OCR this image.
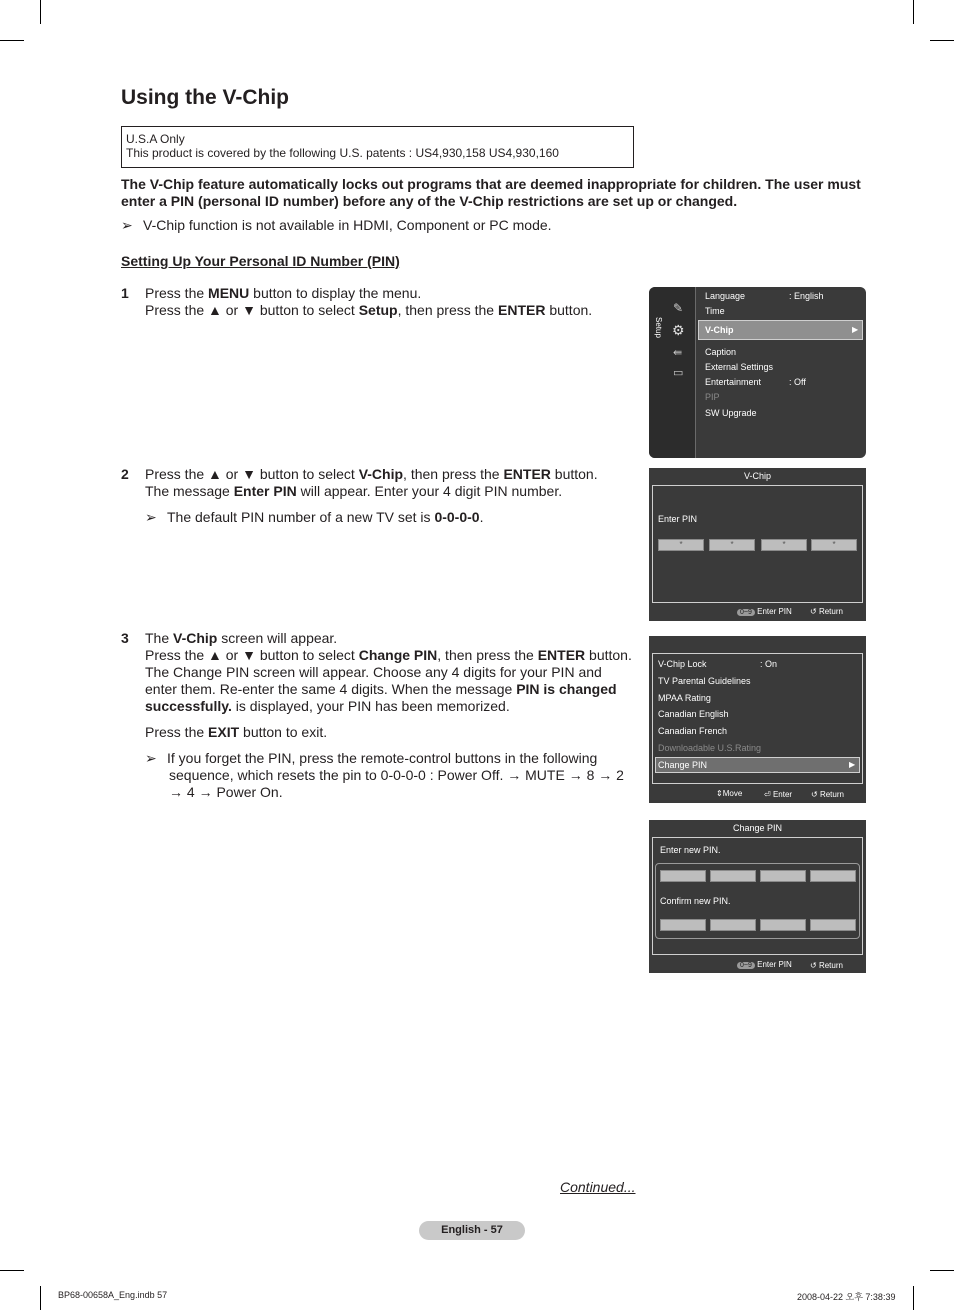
Using the V-Chip
U.S.A Only
This product is covered by the following U.S. patents : US4,930,158 US4,930,160
The V-Chip feature automatically locks out programs that are deemed inappropriate for children. The user must enter a PIN (personal ID number) before any of the V-Chip restrictions are set up or changed.
➢ V-Chip function is not available in HDMI, Component or PC mode.
Setting Up Your Personal ID Number (PIN)
1 Press the MENU button to display the menu.

Press the ▲ or ▼ button to select Setup, then press the ENTER button.

2 Press the ▲ or ▼ button to select V-Chip, then press the ENTER button.

The message Enter PIN will appear. Enter your 4 digit PIN number.

➢ The default PIN number of a new TV set is 0-0-0-0.

3 The V-Chip screen will appear.

Press the ▲ or ▼ button to select Change PIN, then press the ENTER button.

The Change PIN screen will appear. Choose any 4 digits for your PIN and enter them. Re-enter the same 4 digits. When the message PIN is changed successfully. is displayed, your PIN has been memorized.

Press the EXIT button to exit.

➢ If you forget the PIN, press the remote-control buttons in the following sequence, which resets the pin to 0-0-0-0 : Power Off. → MUTE → 8 → 2 → 4 → Power On.

Setup
✎
⚙
⇚
▭
Language	: English
Time
V-Chip	▶
Caption
External Settings
Entertainment	: Off
PIP
SW Upgrade
V-Chip
Enter PIN
*	*	*	*
0~9 Enter PIN ↺ Return
V-Chip Lock	: On
TV Parental Guidelines
MPAA Rating
Canadian English
Canadian French
Downloadable U.S.Rating
Change PIN	▶
⇕Move	⏎ Enter ↺ Return
Change PIN
Enter new PIN.
Confirm new PIN.
0~9 Enter PIN ↺ Return
Continued...
English - 57
BP68-00658A_Eng.indb 57	2008-04-22 오후 7:38:39
